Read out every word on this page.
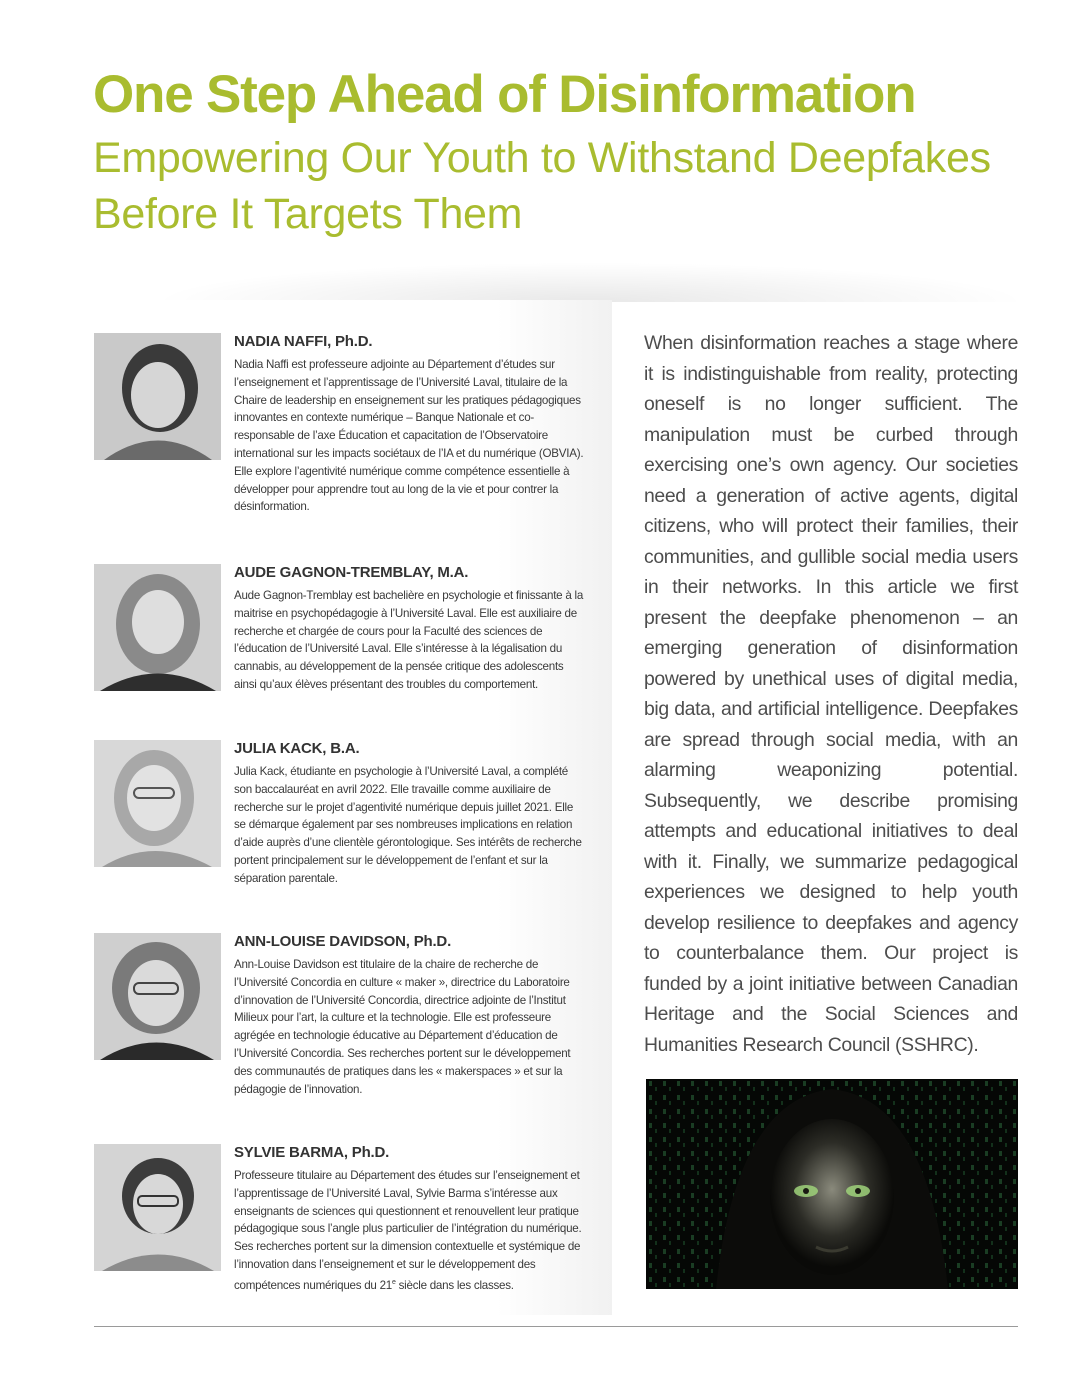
One Step Ahead of Disinformation
Empowering Our Youth to Withstand Deepfakes Before It Targets Them

NADIA NAFFI, Ph.D.

Nadia Naffi est professeure adjointe au Département d’études sur l’enseignement et l’apprentissage de l’Université Laval, titulaire de la Chaire de leadership en enseignement sur les pratiques pédagogiques innovantes en contexte numérique – Banque Nationale et co-responsable de l’axe Éducation et capacitation de l’Observatoire international sur les impacts sociétaux de l’IA et du numérique (OBVIA). Elle explore l’agentivité numérique comme compétence essentielle à développer pour apprendre tout au long de la vie et pour contrer la désinformation.

AUDE GAGNON-TREMBLAY, M.A.

Aude Gagnon-Tremblay est bachelière en psychologie et finissante à la maitrise en psychopédagogie à l’Université Laval. Elle est auxiliaire de recherche et chargée de cours pour la Faculté des sciences de l’éducation de l’Université Laval. Elle s’intéresse à la légalisation du cannabis, au développement de la pensée critique des adolescents ainsi qu’aux élèves présentant des troubles du comportement.

JULIA KACK, B.A.

Julia Kack, étudiante en psychologie à l’Université Laval, a complété son baccalauréat en avril 2022. Elle travaille comme auxiliaire de recherche sur le projet d’agentivité numérique depuis juillet 2021. Elle se démarque également par ses nombreuses implications en relation d’aide auprès d’une clientèle gérontologique. Ses intérêts de recherche portent principalement sur le développement de l’enfant et sur la séparation parentale.

ANN-LOUISE DAVIDSON, Ph.D.

Ann-Louise Davidson est titulaire de la chaire de recherche de l’Université Concordia en culture « maker », directrice du Laboratoire d’innovation de l’Université Concordia, directrice adjointe de l’Institut Milieux pour l’art, la culture et la technologie. Elle est professeure agrégée en technologie éducative au Département d’éducation de l’Université Concordia. Ses recherches portent sur le développement des communautés de pratiques dans les « makerspaces » et sur la pédagogie de l’innovation.

SYLVIE BARMA, Ph.D.

Professeure titulaire au Département des études sur l’enseignement et l’apprentissage de l’Université Laval, Sylvie Barma s’intéresse aux enseignants de sciences qui questionnent et renouvellent leur pratique pédagogique sous l’angle plus particulier de l’intégration du numérique. Ses recherches portent sur la dimension contextuelle et systémique de l’innovation dans l’enseignement et sur le développement des compétences numériques du 21e siècle dans les classes.

When disinformation reaches a stage where it is indistinguishable from reality, protecting oneself is no longer sufficient. The manipulation must be curbed through exercising one’s own agency. Our societies need a generation of active agents, digital citizens, who will protect their families, their communities, and gullible social media users in their networks. In this article we first present the deepfake phenomenon – an emerging generation of disinformation powered by unethical uses of digital media, big data, and artificial intelligence. Deepfakes are spread through social media, with an alarming weaponizing potential. Subsequently, we describe promising attempts and educational initiatives to deal with it. Finally, we summarize pedagogical experiences we designed to help youth develop resilience to deepfakes and agency to counterbalance them. Our project is funded by a joint initiative between Canadian Heritage and the Social Sciences and Humanities Research Council (SSHRC).
